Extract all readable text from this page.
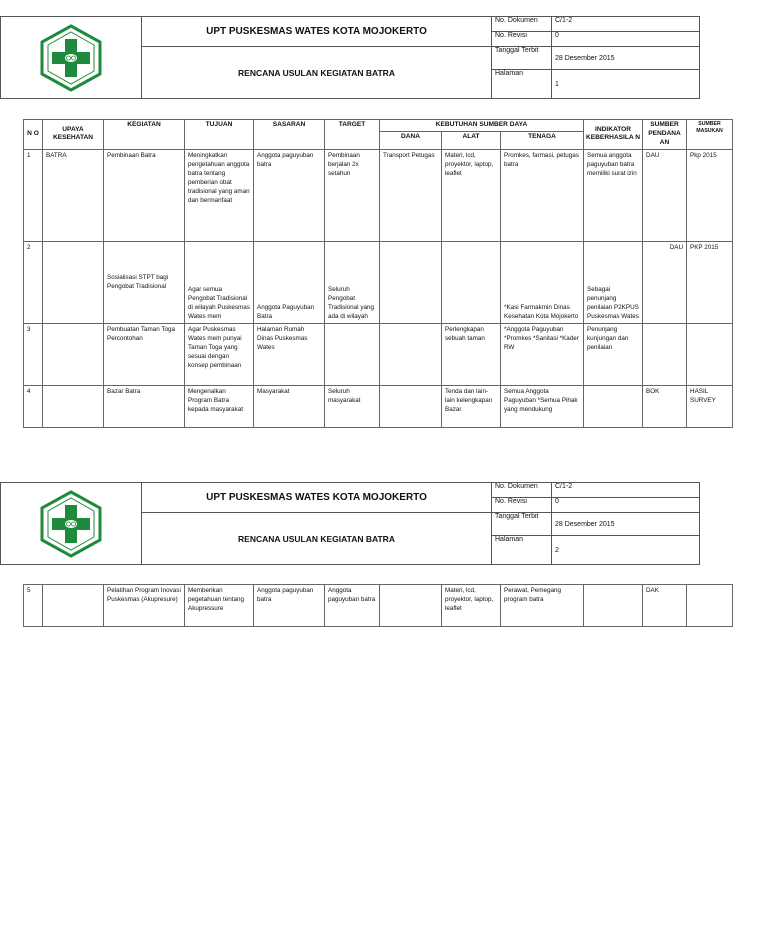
	UPT PUSKESMAS WATES KOTA MOJOKERTO	No. Dokumen	C/1-2
		No. Revisi	0
	RENCANA USULAN KEGIATAN BATRA	Tanggal Terbit	28 Desember 2015
		Halaman	1
N O	UPAYA KESEHATAN	KEGIATAN	TUJUAN	SASARAN	TARGET	KEBUTUHAN SUMBER DAYA			INDIKATOR KEBERHASILA N	SUMBER PENDANA AN	SUMBER MASUKAN
						DANA	ALAT	TENAGA			
1	BATRA	Pembinaan Batra	Meningkatkan pengetahuan anggota batra tentang pemberian obat tradisional yang aman dan bermanfaat	Anggota paguyuban batra	Pembinaan berjalan 2x setahun	Transport Petugas	Materi, lcd, proyektor, laptop, leaflet	Promkes, farmasi, petugas batra	Semua anggota paguyuban batra memiliki surat izin	DAU	Pkp 2015
2		Sosialisasi STPT bagi Pengobat Tradisional	Agar semua Pengobat Tradisional di wilayah Puskesmas Wates mem	Anggota Paguyuban Batra	Seluruh Pengobat Tradisional yang ada di wilayah			*Kasi Farmakmin Dinas Kesehatan Kota Mojokerto	Sebagai penunjang penilaian P2KPUS Puskesmas Wates	DAU	PKP 2015
3		Pembuatan Taman Toga Percontohan	Agar Puskesmas Wates mem punyai Taman Toga yang sesuai dengan konsep pembinaan	Halaman Rumah Dinas Puskesmas Wates			Perlengkapan sebuah taman	*Anggota Paguyuban *Promkes *Sanitasi *Kader RW	Penunjang kunjungan dan penilaian		
4		Bazar Batra	Mengenalkan Program Batra kepada masyarakat	Masyarakat	Seluruh masyarakat		Tenda dan lain-lain kelengkapan Bazar	Semua Anggota Paguyuban *Semua Pihak yang mendukung		BOK	HASIL SURVEY
	UPT PUSKESMAS WATES KOTA MOJOKERTO	No. Dokumen	C/1-2
		No. Revisi	0
	RENCANA USULAN KEGIATAN BATRA	Tanggal Terbit	28 Desember 2015
		Halaman	2
5		Pelatihan Program Inovasi Puskesmas (Akupresure)	Memberikan pegetahuan tentang Akupressure	Anggota paguyuban batra	Anggota paguyuban batra		Materi, lcd, proyektor, laptop, leaflet	Perawat, Pemegang program batra		DAK	
